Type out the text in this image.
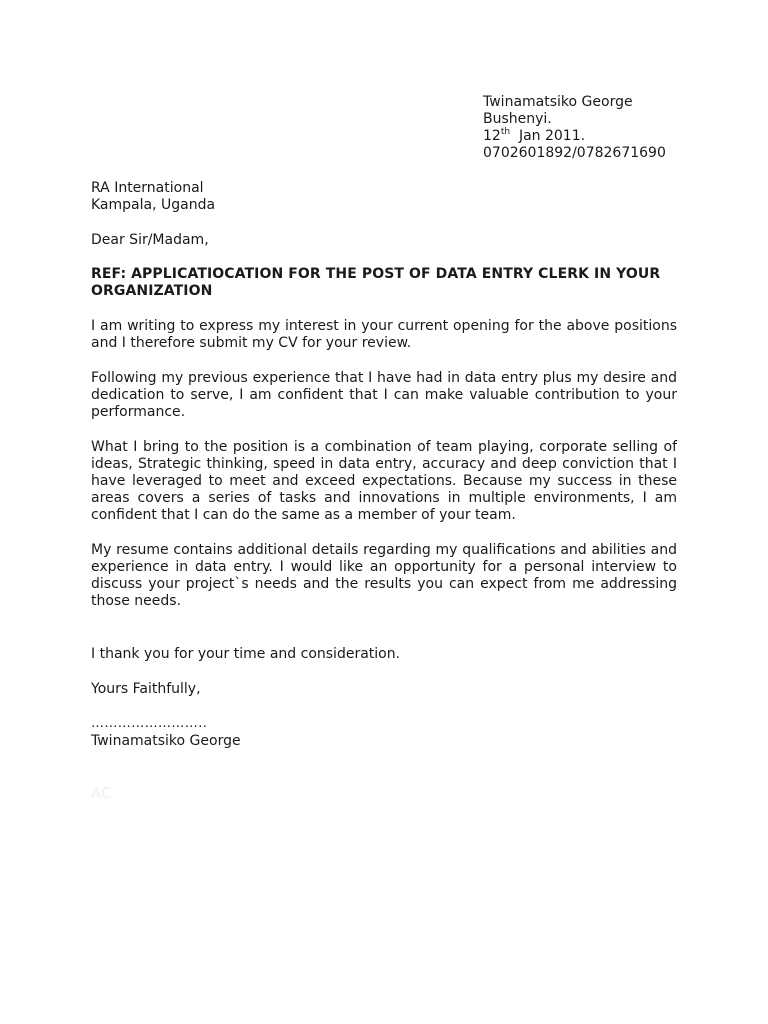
Twinamatsiko George
Bushenyi.
12th  Jan 2011.
0702601892/0782671690
RA International
Kampala, Uganda
Dear Sir/Madam,
REF: APPLICATIOCATION FOR THE POST OF DATA ENTRY CLERK IN YOUR ORGANIZATION
I am writing to express my interest in your current opening for the above positions and I therefore submit my CV for your review.
Following my previous experience that I have had in data entry plus my desire and dedication to serve, I am confident that I can make valuable contribution to your performance.
What I bring to the position is a combination of team playing, corporate selling of ideas, Strategic thinking, speed in data entry, accuracy and deep conviction that I have leveraged to meet and exceed expectations. Because my success in these areas covers a series of tasks and innovations in multiple environments, I am confident that I can do the same as a member of your team.
My resume contains additional details regarding my qualifications and abilities and experience in data entry. I would like an opportunity for a personal interview to discuss your project`s needs and the results you can expect from me addressing those needs.
I thank you for your time and consideration.
Yours Faithfully,
……………………..
Twinamatsiko George
AC
